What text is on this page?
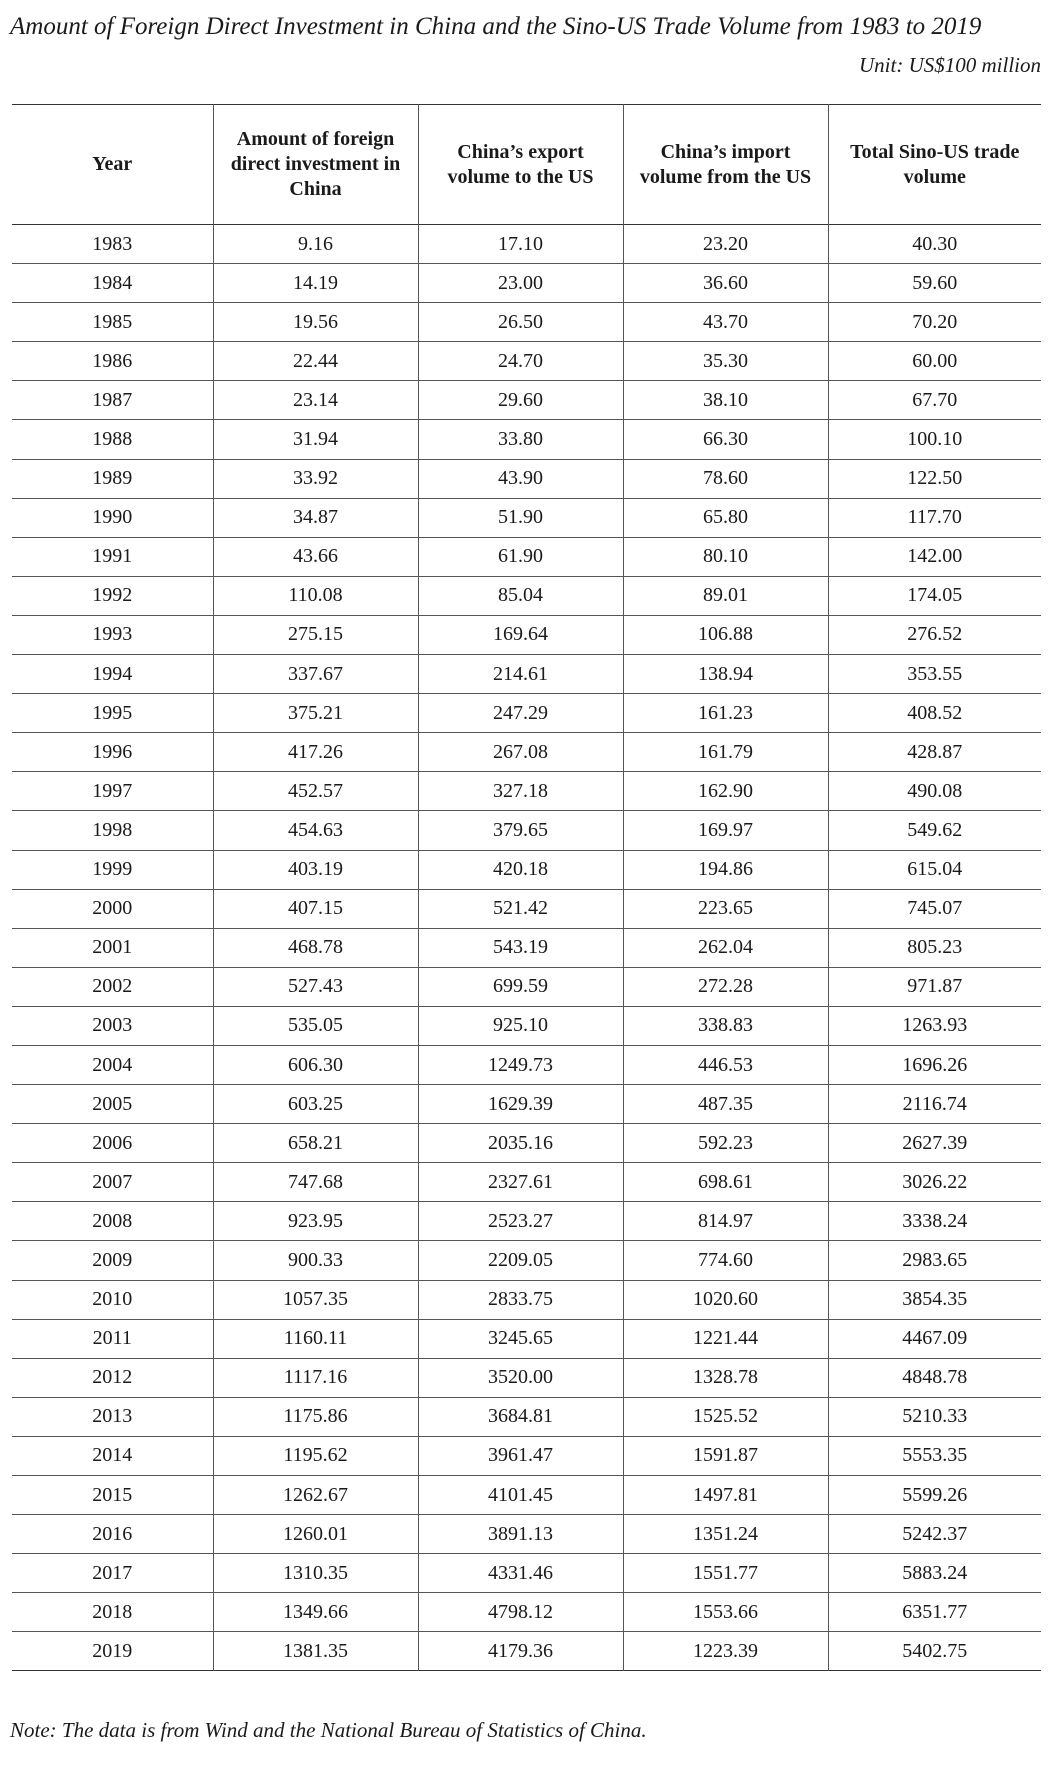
Amount of Foreign Direct Investment in China and the Sino-US Trade Volume from 1983 to 2019
Unit: US$100 million
Year	Amount of foreign direct investment in China	China’s export volume to the US	China’s import volume from the US	Total Sino-US trade volume
1983	9.16	17.10	23.20	40.30
1984	14.19	23.00	36.60	59.60
1985	19.56	26.50	43.70	70.20
1986	22.44	24.70	35.30	60.00
1987	23.14	29.60	38.10	67.70
1988	31.94	33.80	66.30	100.10
1989	33.92	43.90	78.60	122.50
1990	34.87	51.90	65.80	117.70
1991	43.66	61.90	80.10	142.00
1992	110.08	85.04	89.01	174.05
1993	275.15	169.64	106.88	276.52
1994	337.67	214.61	138.94	353.55
1995	375.21	247.29	161.23	408.52
1996	417.26	267.08	161.79	428.87
1997	452.57	327.18	162.90	490.08
1998	454.63	379.65	169.97	549.62
1999	403.19	420.18	194.86	615.04
2000	407.15	521.42	223.65	745.07
2001	468.78	543.19	262.04	805.23
2002	527.43	699.59	272.28	971.87
2003	535.05	925.10	338.83	1263.93
2004	606.30	1249.73	446.53	1696.26
2005	603.25	1629.39	487.35	2116.74
2006	658.21	2035.16	592.23	2627.39
2007	747.68	2327.61	698.61	3026.22
2008	923.95	2523.27	814.97	3338.24
2009	900.33	2209.05	774.60	2983.65
2010	1057.35	2833.75	1020.60	3854.35
2011	1160.11	3245.65	1221.44	4467.09
2012	1117.16	3520.00	1328.78	4848.78
2013	1175.86	3684.81	1525.52	5210.33
2014	1195.62	3961.47	1591.87	5553.35
2015	1262.67	4101.45	1497.81	5599.26
2016	1260.01	3891.13	1351.24	5242.37
2017	1310.35	4331.46	1551.77	5883.24
2018	1349.66	4798.12	1553.66	6351.77
2019	1381.35	4179.36	1223.39	5402.75
Note: The data is from Wind and the National Bureau of Statistics of China.
